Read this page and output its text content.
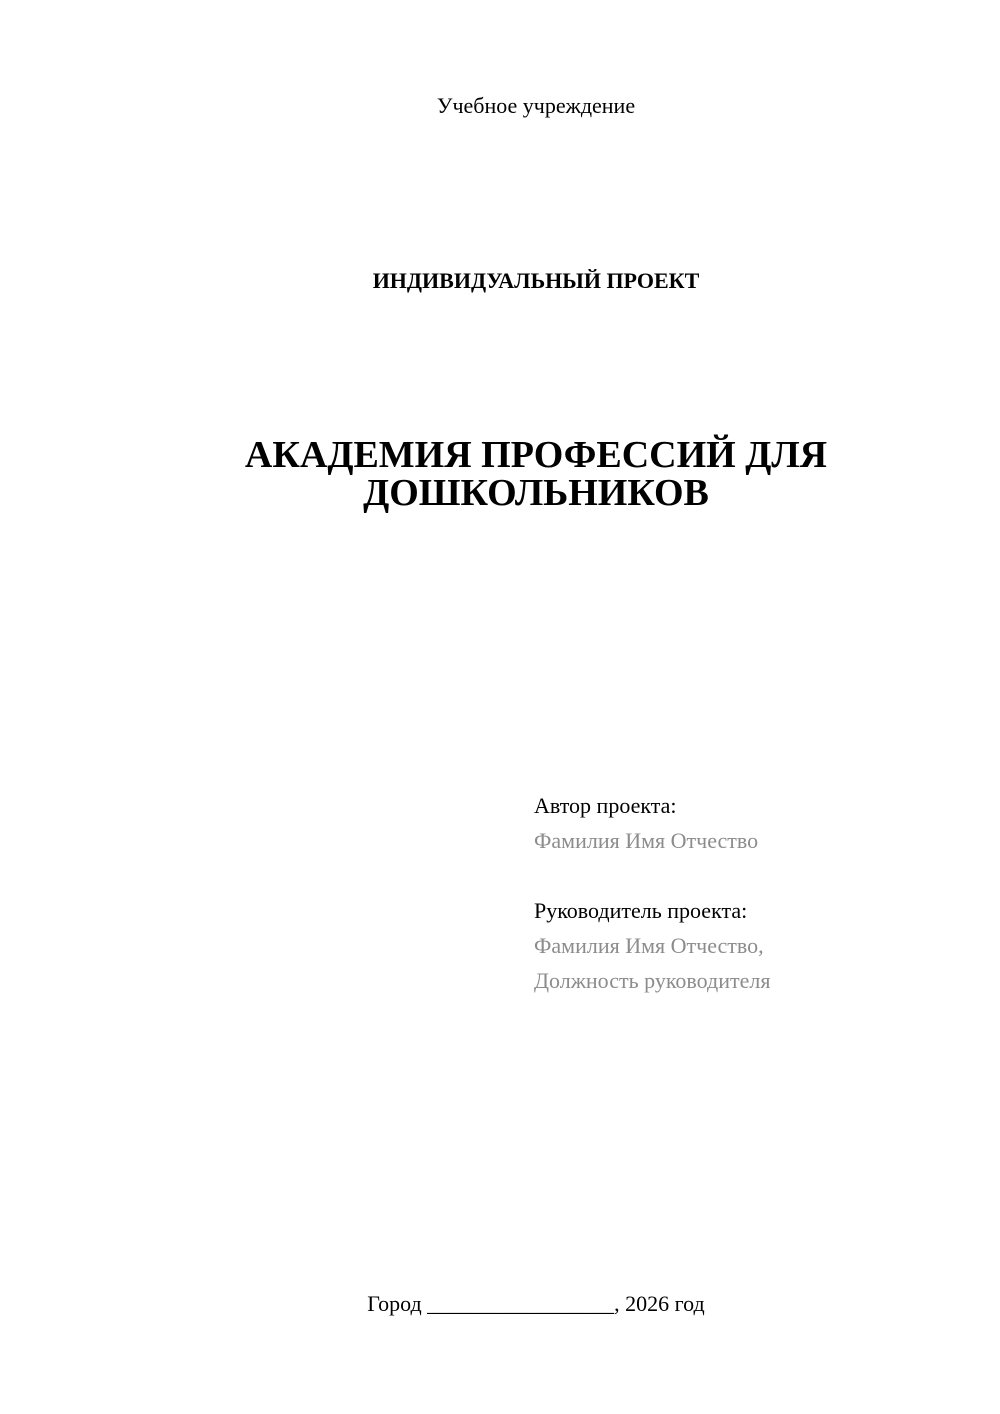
Учебное учреждение
ИНДИВИДУАЛЬНЫЙ ПРОЕКТ
АКАДЕМИЯ ПРОФЕССИЙ ДЛЯ
ДОШКОЛЬНИКОВ
Автор проекта:
Фамилия Имя Отчество
Руководитель проекта:
Фамилия Имя Отчество,
Должность руководителя
Город _________________, 2026 год
